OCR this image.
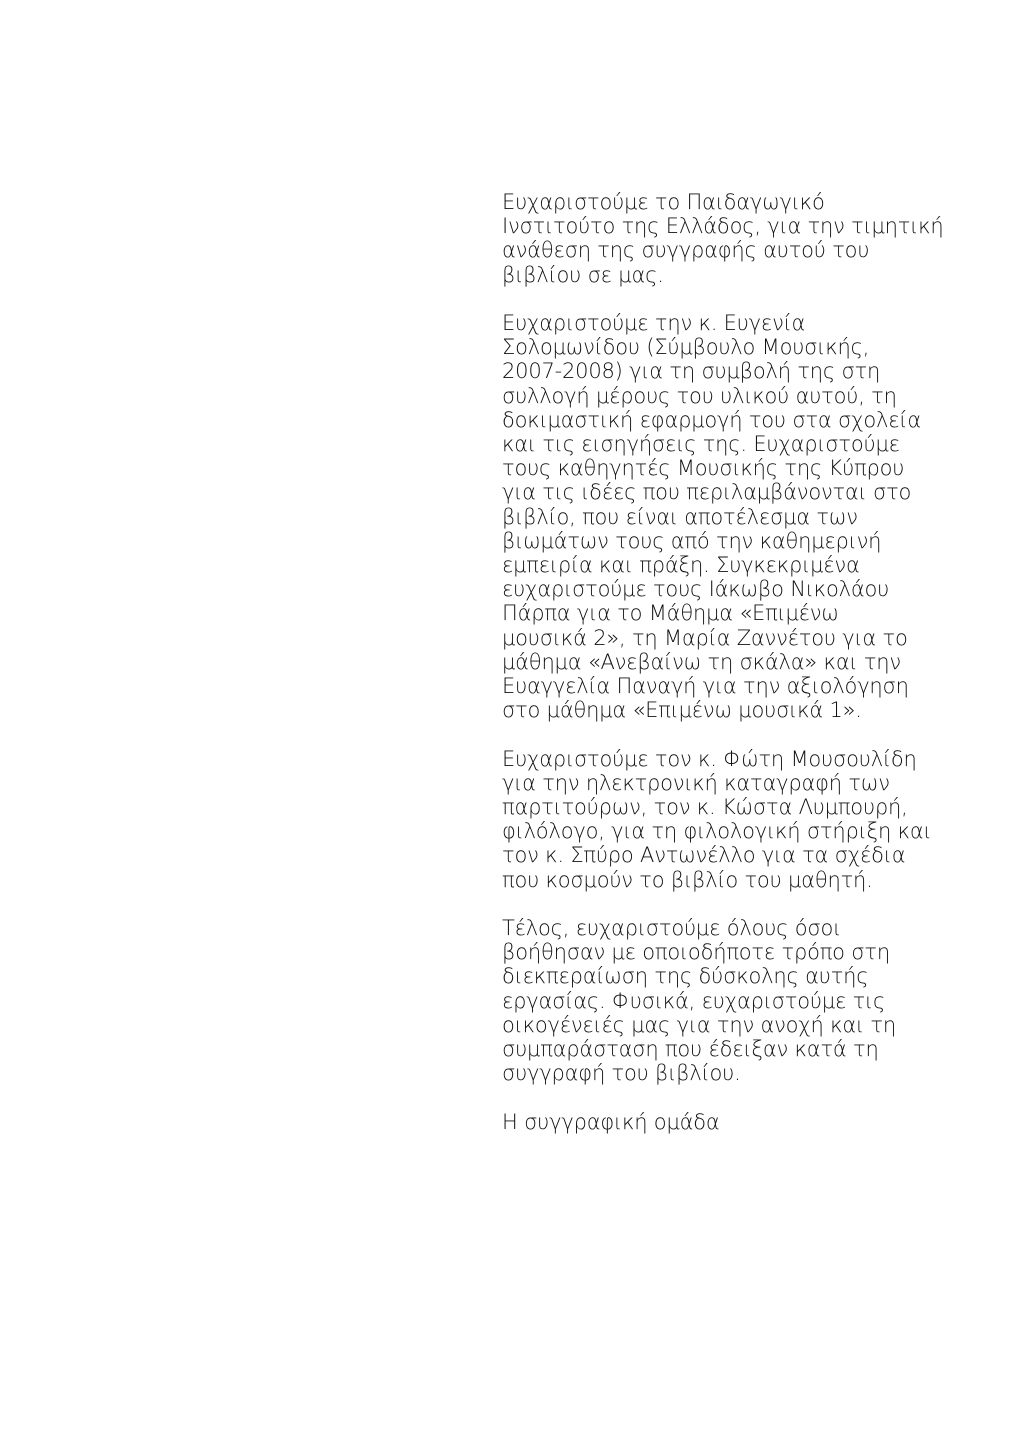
Ευχαριστούμε το Παιδαγωγικό
Ινστιτούτο της Ελλάδος, για την τιμητική
ανάθεση της συγγραφής αυτού του
βιβλίου σε μας.
Ευχαριστούμε την κ. Ευγενία
Σολομωνίδου (Σύμβουλο Μουσικής,
2007-2008) για τη συμβολή της στη
συλλογή μέρους του υλικού αυτού, τη
δοκιμαστική εφαρμογή του στα σχολεία
και τις εισηγήσεις της. Ευχαριστούμε
τους καθηγητές Μουσικής της Κύπρου
για τις ιδέες που περιλαμβάνονται στο
βιβλίο, που είναι αποτέλεσμα των
βιωμάτων τους από την καθημερινή
εμπειρία και πράξη. Συγκεκριμένα
ευχαριστούμε τους Ιάκωβο Νικολάου
Πάρπα για το Μάθημα «Επιμένω
μουσικά 2», τη Μαρία Ζαννέτου για το
μάθημα «Ανεβαίνω τη σκάλα» και την
Ευαγγελία Παναγή για την αξιολόγηση
στο μάθημα «Επιμένω μουσικά 1».
Ευχαριστούμε τον κ. Φώτη Μουσουλίδη
για την ηλεκτρονική καταγραφή των
παρτιτούρων, τον κ. Κώστα Λυμπουρή,
φιλόλογο, για τη φιλολογική στήριξη και
τον κ. Σπύρο Αντωνέλλο για τα σχέδια
που κοσμούν το βιβλίο του μαθητή.
Τέλος, ευχαριστούμε όλους όσοι
βοήθησαν με οποιοδήποτε τρόπο στη
διεκπεραίωση της δύσκολης αυτής
εργασίας. Φυσικά, ευχαριστούμε τις
οικογένειές μας για την ανοχή και τη
συμπαράσταση που έδειξαν κατά τη
συγγραφή του βιβλίου.
Η συγγραφική ομάδα
